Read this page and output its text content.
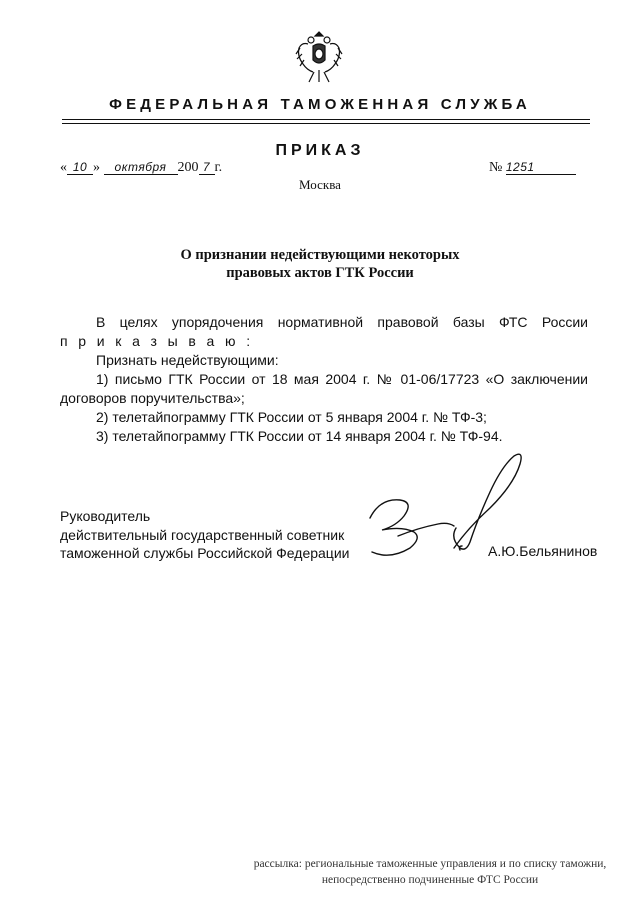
ФЕДЕРАЛЬНАЯ ТАМОЖЕННАЯ СЛУЖБА
ПРИКАЗ
« 10 » октября 200 7 г.	№ 1251
Москва
О признании недействующими некоторых
правовых актов ГТК России

В целях упорядочения нормативной правовой базы ФТС России

п р и к а з ы в а ю :

Признать недействующими:

1) письмо ГТК России от 18 мая 2004 г. № 01-06/17723 «О заключении

договоров поручительства»;

2) телетайпограмму ГТК России от 5 января 2004 г. № ТФ-3;

3) телетайпограмму ГТК России от 14 января 2004 г. № ТФ-94.

Руководитель
действительный государственный советник
таможенной службы Российской Федерации	А.Ю.Бельянинов
рассылка: региональные таможенные управления и по списку таможни,
непосредственно подчиненные ФТС России
